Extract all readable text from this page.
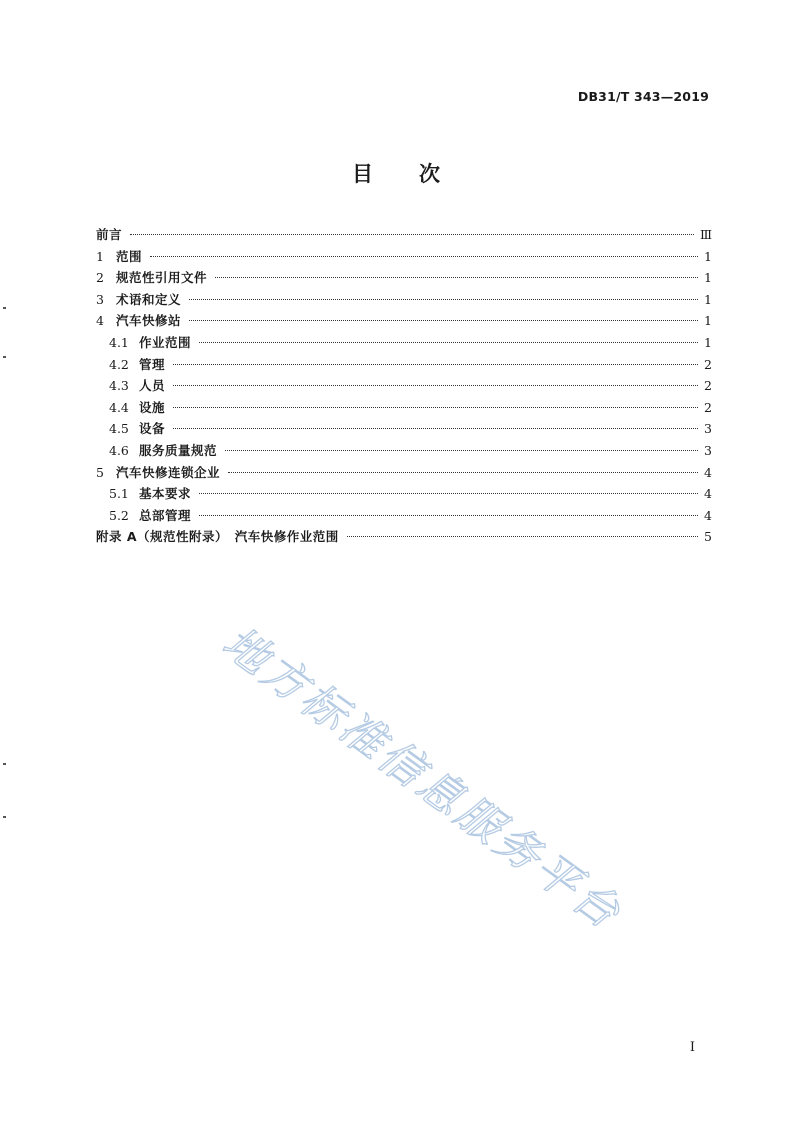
DB31/T 343—2019
目 次
前言	Ⅲ
1 范围	1
2 规范性引用文件	1
3 术语和定义	1
4 汽车快修站	1
4.1 作业范围	1
4.2 管理	2
4.3 人员	2
4.4 设施	2
4.5 设备	3
4.6 服务质量规范	3
5 汽车快修连锁企业	4
5.1 基本要求	4
5.2 总部管理	4
附录 A（规范性附录）　汽车快修作业范围	5
地方标准信息服务平台
I
